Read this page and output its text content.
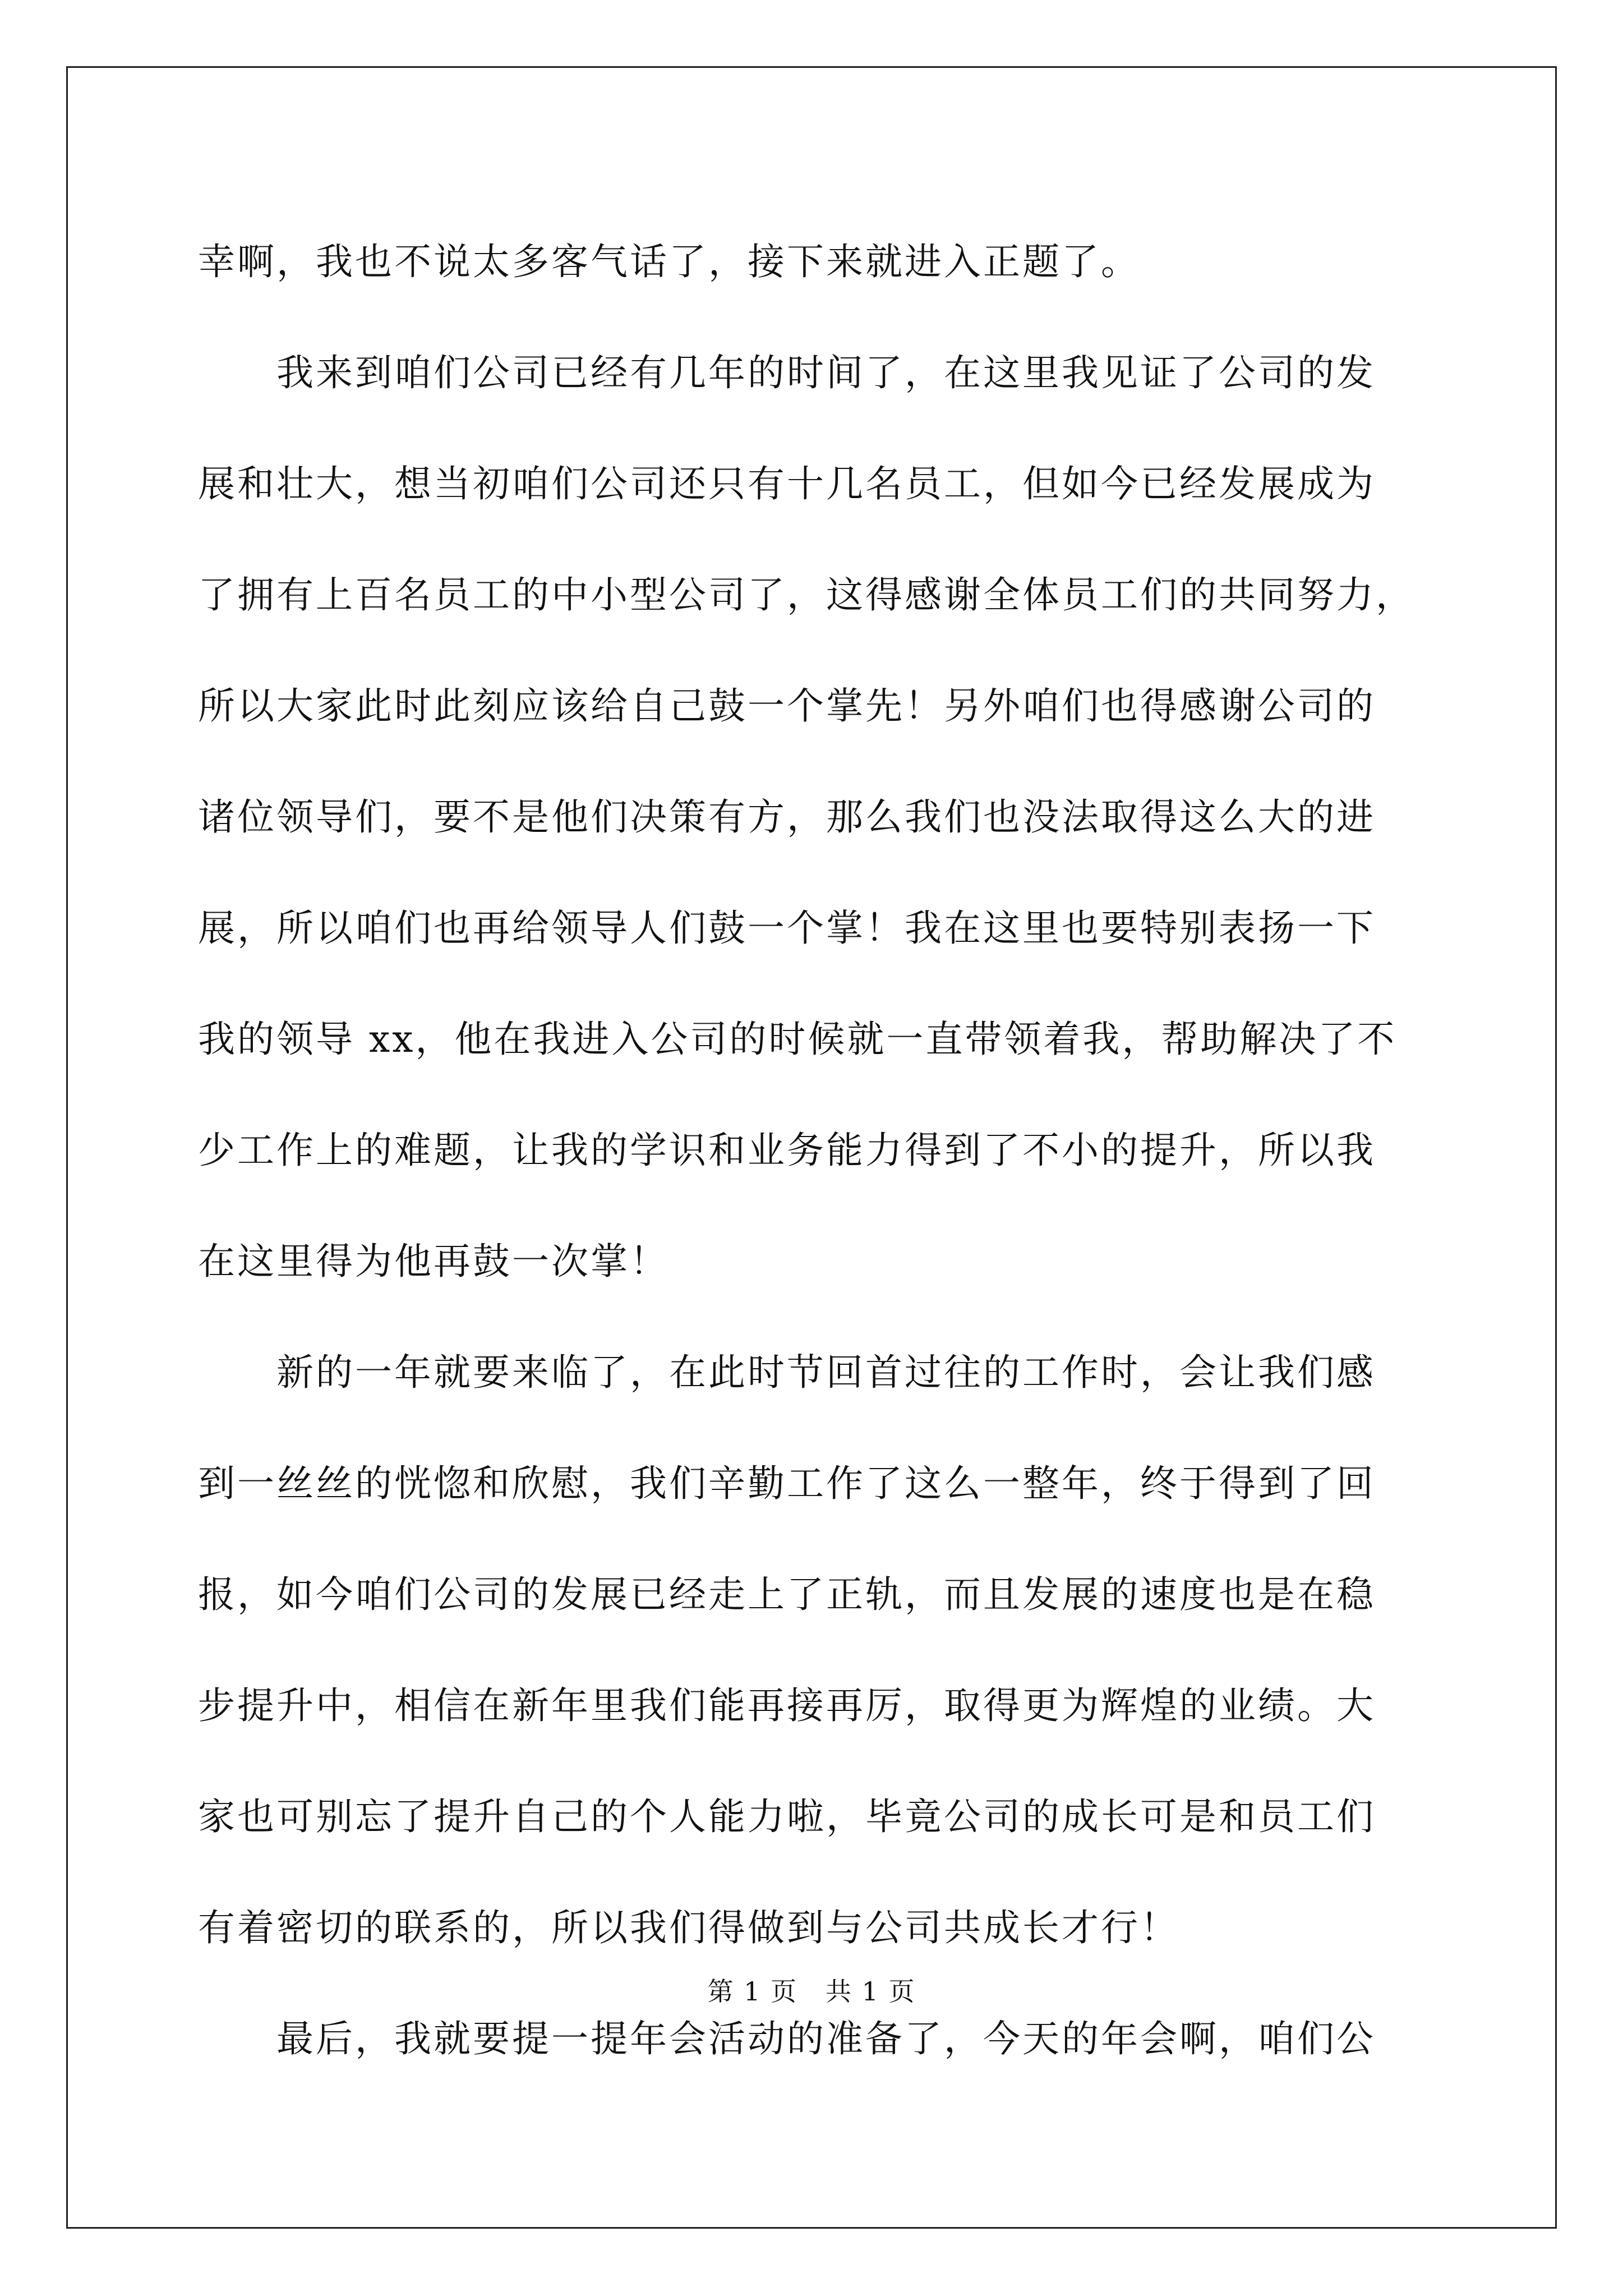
幸啊，我也不说太多客气话了，接下来就进入正题了。
　　我来到咱们公司已经有几年的时间了，在这里我见证了公司的发
展和壮大，想当初咱们公司还只有十几名员工，但如今已经发展成为
了拥有上百名员工的中小型公司了，这得感谢全体员工们的共同努力，
所以大家此时此刻应该给自己鼓一个掌先！另外咱们也得感谢公司的
诸位领导们，要不是他们决策有方，那么我们也没法取得这么大的进
展，所以咱们也再给领导人们鼓一个掌！我在这里也要特别表扬一下
我的领导 xx，他在我进入公司的时候就一直带领着我，帮助解决了不
少工作上的难题，让我的学识和业务能力得到了不小的提升，所以我
在这里得为他再鼓一次掌！
　　新的一年就要来临了，在此时节回首过往的工作时，会让我们感
到一丝丝的恍惚和欣慰，我们辛勤工作了这么一整年，终于得到了回
报，如今咱们公司的发展已经走上了正轨，而且发展的速度也是在稳
步提升中，相信在新年里我们能再接再厉，取得更为辉煌的业绩。大
家也可别忘了提升自己的个人能力啦，毕竟公司的成长可是和员工们
有着密切的联系的，所以我们得做到与公司共成长才行！
　　最后，我就要提一提年会活动的准备了，今天的年会啊，咱们公
第 1 页 共 1 页
